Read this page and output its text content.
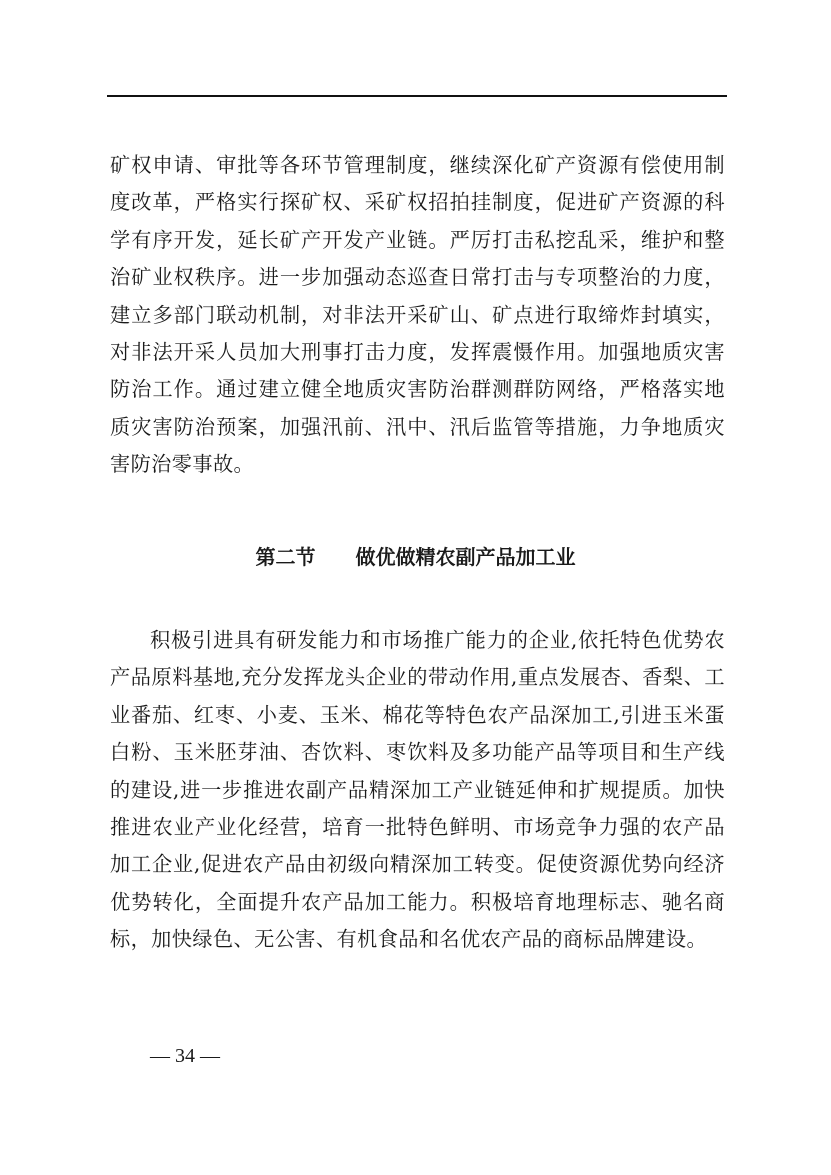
矿权申请、审批等各环节管理制度，继续深化矿产资源有偿使用制度改革，严格实行探矿权、采矿权招拍挂制度，促进矿产资源的科学有序开发，延长矿产开发产业链。严厉打击私挖乱采，维护和整治矿业权秩序。进一步加强动态巡查日常打击与专项整治的力度，建立多部门联动机制，对非法开采矿山、矿点进行取缔炸封填实，对非法开采人员加大刑事打击力度，发挥震慑作用。加强地质灾害防治工作。通过建立健全地质灾害防治群测群防网络，严格落实地质灾害防治预案，加强汛前、汛中、汛后监管等措施，力争地质灾害防治零事故。

第二节　　做优做精农副产品加工业

积极引进具有研发能力和市场推广能力的企业,依托特色优势农产品原料基地,充分发挥龙头企业的带动作用,重点发展杏、香梨、工业番茄、红枣、小麦、玉米、棉花等特色农产品深加工,引进玉米蛋白粉、玉米胚芽油、杏饮料、枣饮料及多功能产品等项目和生产线的建设,进一步推进农副产品精深加工产业链延伸和扩规提质。加快推进农业产业化经营，培育一批特色鲜明、市场竞争力强的农产品加工企业,促进农产品由初级向精深加工转变。促使资源优势向经济优势转化，全面提升农产品加工能力。积极培育地理标志、驰名商标，加快绿色、无公害、有机食品和名优农产品的商标品牌建设。

— 34 —
